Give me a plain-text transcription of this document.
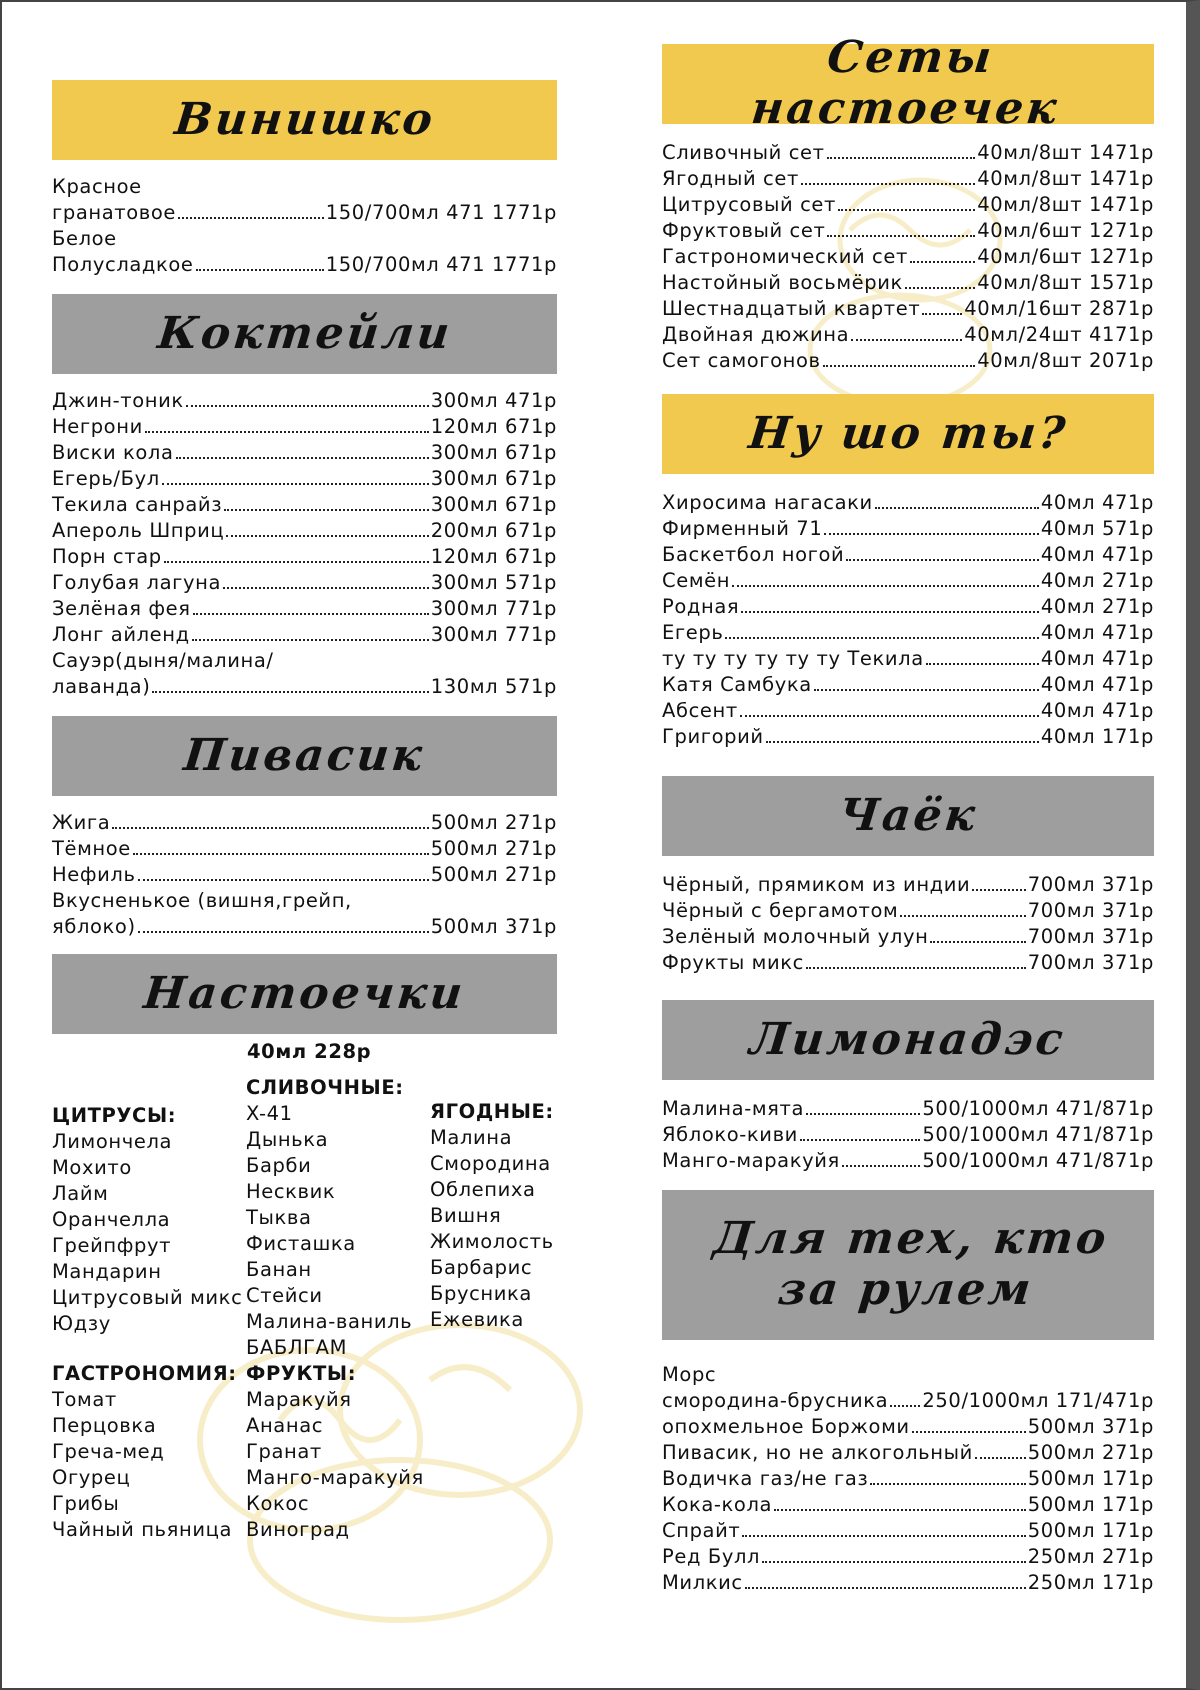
Винишко
Красное
гранатовое	150/700мл 471 1771р
Белое
Полусладкое	150/700мл 471 1771р
Коктейли
Джин-тоник	300мл 471р
Негрони	120мл 671р
Виски кола	300мл 671р
Егерь/Бул	300мл 671р
Текила санрайз	300мл 671р
Апероль Шприц	200мл 671р
Порн стар	120мл 671р
Голубая лагуна	300мл 571р
Зелёная фея	300мл 771р
Лонг айленд	300мл 771р
Сауэр(дыня/малина/
лаванда)	130мл 571р
Пивасик
Жига	500мл 271р
Тёмное	500мл 271р
Нефиль	500мл 271р
Вкусненькое (вишня,грейп,
яблоко)	500мл 371р
Настоечки
40мл 228р
ЦИТРУСЫ:
Лимончела
Мохито
Лайм
Оранчелла
Грейпфрут
Мандарин
Цитрусовый микс
Юдзу
СЛИВОЧНЫЕ:
X-41
Дынька
Барби
Несквик
Тыква
Фисташка
Банан
Стейси
Малина-ваниль
БАБЛГАМ
ЯГОДНЫЕ:
Малина
Смородина
Облепиха
Вишня
Жимолость
Барбарис
Брусника
Ежевика
ГАСТРОНОМИЯ:
Томат
Перцовка
Греча-мед
Огурец
Грибы
Чайный пьяница
ФРУКТЫ:
Маракуйя
Ананас
Гранат
Манго-маракуйя
Кокос
Виноград
Сеты настоечек
Сливочный сет	40мл/8шт 1471р
Ягодный сет	40мл/8шт 1471р
Цитрусовый сет	40мл/8шт 1471р
Фруктовый сет	40мл/6шт 1271р
Гастрономический сет	40мл/6шт 1271р
Настойный восьмёрик	40мл/8шт 1571р
Шестнадцатый квартет 40мл/16шт 2871р
Двойная дюжина	40мл/24шт 4171р
Сет самогонов	40мл/8шт 2071р
Ну шо ты?
Хиросима нагасаки	40мл 471р
Фирменный 71	40мл 571р
Баскетбол ногой	40мл 471р
Семён	40мл 271р
Родная	40мл 271р
Егерь	40мл 471р
ту ту ту ту ту ту Текила	40мл 471р
Катя Самбука	40мл 471р
Абсент	40мл 471р
Григорий	40мл 171р
Чаёк
Чёрный, прямиком из индии	700мл 371р
Чёрный с бергамотом	700мл 371р
Зелёный молочный улун	700мл 371р
Фрукты микс	700мл 371р
Лимонадэс
Малина-мята	500/1000мл 471/871р
Яблоко-киви	500/1000мл 471/871р
Манго-маракуйя	500/1000мл 471/871р
Для тех, кто
за рулем
Морс
смородина-брусника 250/1000мл 171/471р
опохмельное Боржоми	500мл 371р
Пивасик, но не алкогольный	500мл 271р
Водичка газ/не газ	500мл 171р
Кока-кола	500мл 171р
Спрайт	500мл 171р
Ред Булл	250мл 271р
Милкис	250мл 171р
